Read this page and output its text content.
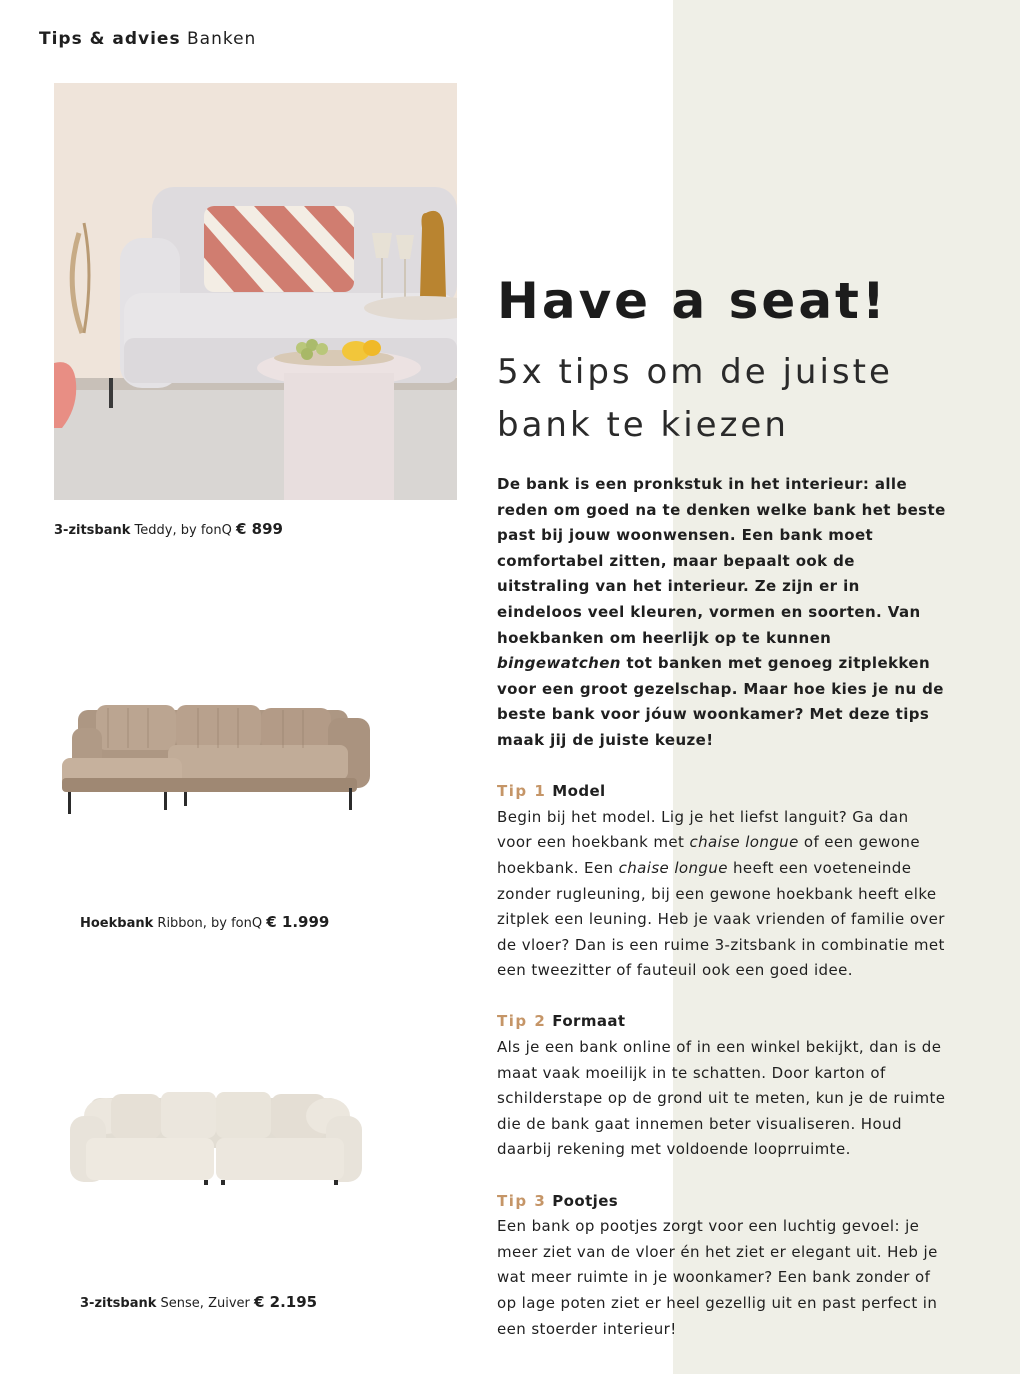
Tips & advies Banken
3-zitsbank Teddy, by fonQ € 899
Hoekbank Ribbon, by fonQ € 1.999
3-zitsbank Sense, Zuiver € 2.195
Have a seat!
5x tips om de juiste bank te kiezen

De bank is een pronkstuk in het interieur: alle reden om goed na te denken welke bank het beste past bij jouw woonwensen. Een bank moet comfortabel zitten, maar bepaalt ook de uitstraling van het interieur. Ze zijn er in eindeloos veel kleuren, vormen en soorten. Van hoekbanken om heerlijk op te kunnen bingewatchen tot banken met genoeg zitplekken voor een groot gezelschap. Maar hoe kies je nu de beste bank voor jóuw woonkamer? Met deze tips maak jij de juiste keuze!

Tip 1 Model

Begin bij het model. Lig je het liefst languit? Ga dan voor een hoekbank met chaise longue of een gewone hoekbank. Een chaise longue heeft een voeteneinde zonder rugleuning, bij een gewone hoekbank heeft elke zitplek een leuning. Heb je vaak vrienden of familie over de vloer? Dan is een ruime 3-zitsbank in combinatie met een tweezitter of fauteuil ook een goed idee.

Tip 2 Formaat

Als je een bank online of in een winkel bekijkt, dan is de maat vaak moeilijk in te schatten. Door karton of schilderstape op de grond uit te meten, kun je de ruimte die de bank gaat innemen beter visualiseren. Houd daarbij rekening met voldoende looprruimte.

Tip 3 Pootjes

Een bank op pootjes zorgt voor een luchtig gevoel: je meer ziet van de vloer én het ziet er elegant uit. Heb je wat meer ruimte in je woonkamer? Een bank zonder of op lage poten ziet er heel gezellig uit en past perfect in een stoerder interieur!
